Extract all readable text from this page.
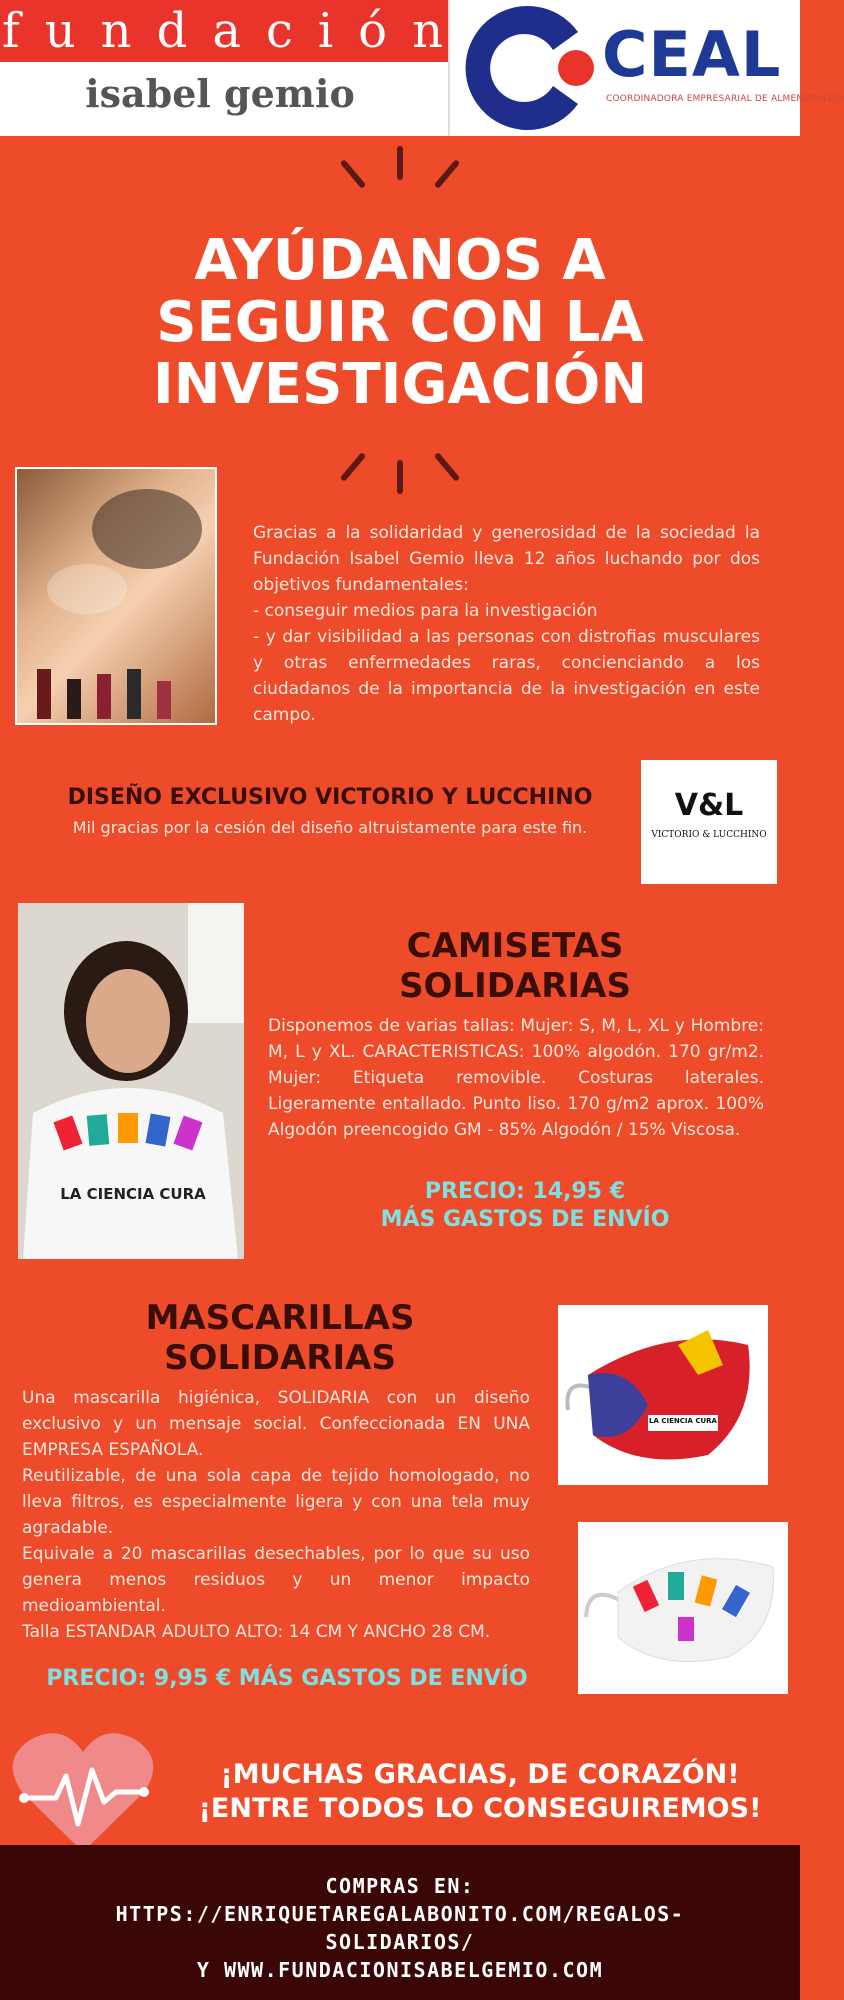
fundación
isabel gemio
CEAL
COORDINADORA EMPRESARIAL DE ALMENDRALEJO
AYÚDANOS A
SEGUIR CON LA
INVESTIGACIÓN
Gracias a la solidaridad y generosidad de la sociedad la Fundación Isabel Gemio lleva 12 años luchando por dos objetivos fundamentales:
- conseguir medios para la investigación
- y dar visibilidad a las personas con distrofias musculares y otras enfermedades raras, concienciando a los ciudadanos de la importancia de la investigación en este campo.
DISEÑO EXCLUSIVO VICTORIO Y LUCCHINO
Mil gracias por la cesión del diseño altruistamente para este fin.
V&L
VICTORIO & LUCCHINO
LA CIENCIA CURA
CAMISETAS
SOLIDARIAS
Disponemos de varias tallas: Mujer: S, M, L, XL y Hombre: M, L y XL. CARACTERISTICAS: 100% algodón. 170 gr/m2. Mujer: Etiqueta removible. Costuras laterales. Ligeramente entallado. Punto liso. 170 g/m2 aprox. 100% Algodón preencogido GM - 85% Algodón / 15% Viscosa.
PRECIO: 14,95 €
MÁS GASTOS DE ENVÍO
MASCARILLAS
SOLIDARIAS
Una mascarilla higiénica, SOLIDARIA con un diseño exclusivo y un mensaje social. Confeccionada EN UNA EMPRESA ESPAÑOLA.
Reutilizable, de una sola capa de tejido homologado, no lleva filtros, es especialmente ligera y con una tela muy agradable.
Equivale a 20 mascarillas desechables, por lo que su uso genera menos residuos y un menor impacto medioambiental.
Talla ESTANDAR ADULTO ALTO: 14 CM Y ANCHO 28 CM.
PRECIO: 9,95 € MÁS GASTOS DE ENVÍO
LA CIENCIA CURA
¡MUCHAS GRACIAS, DE CORAZÓN!
¡ENTRE TODOS LO CONSEGUIREMOS!
COMPRAS EN:
HTTPS://ENRIQUETAREGALABONITO.COM/REGALOS-
SOLIDARIOS/
Y WWW.FUNDACIONISABELGEMIO.COM
